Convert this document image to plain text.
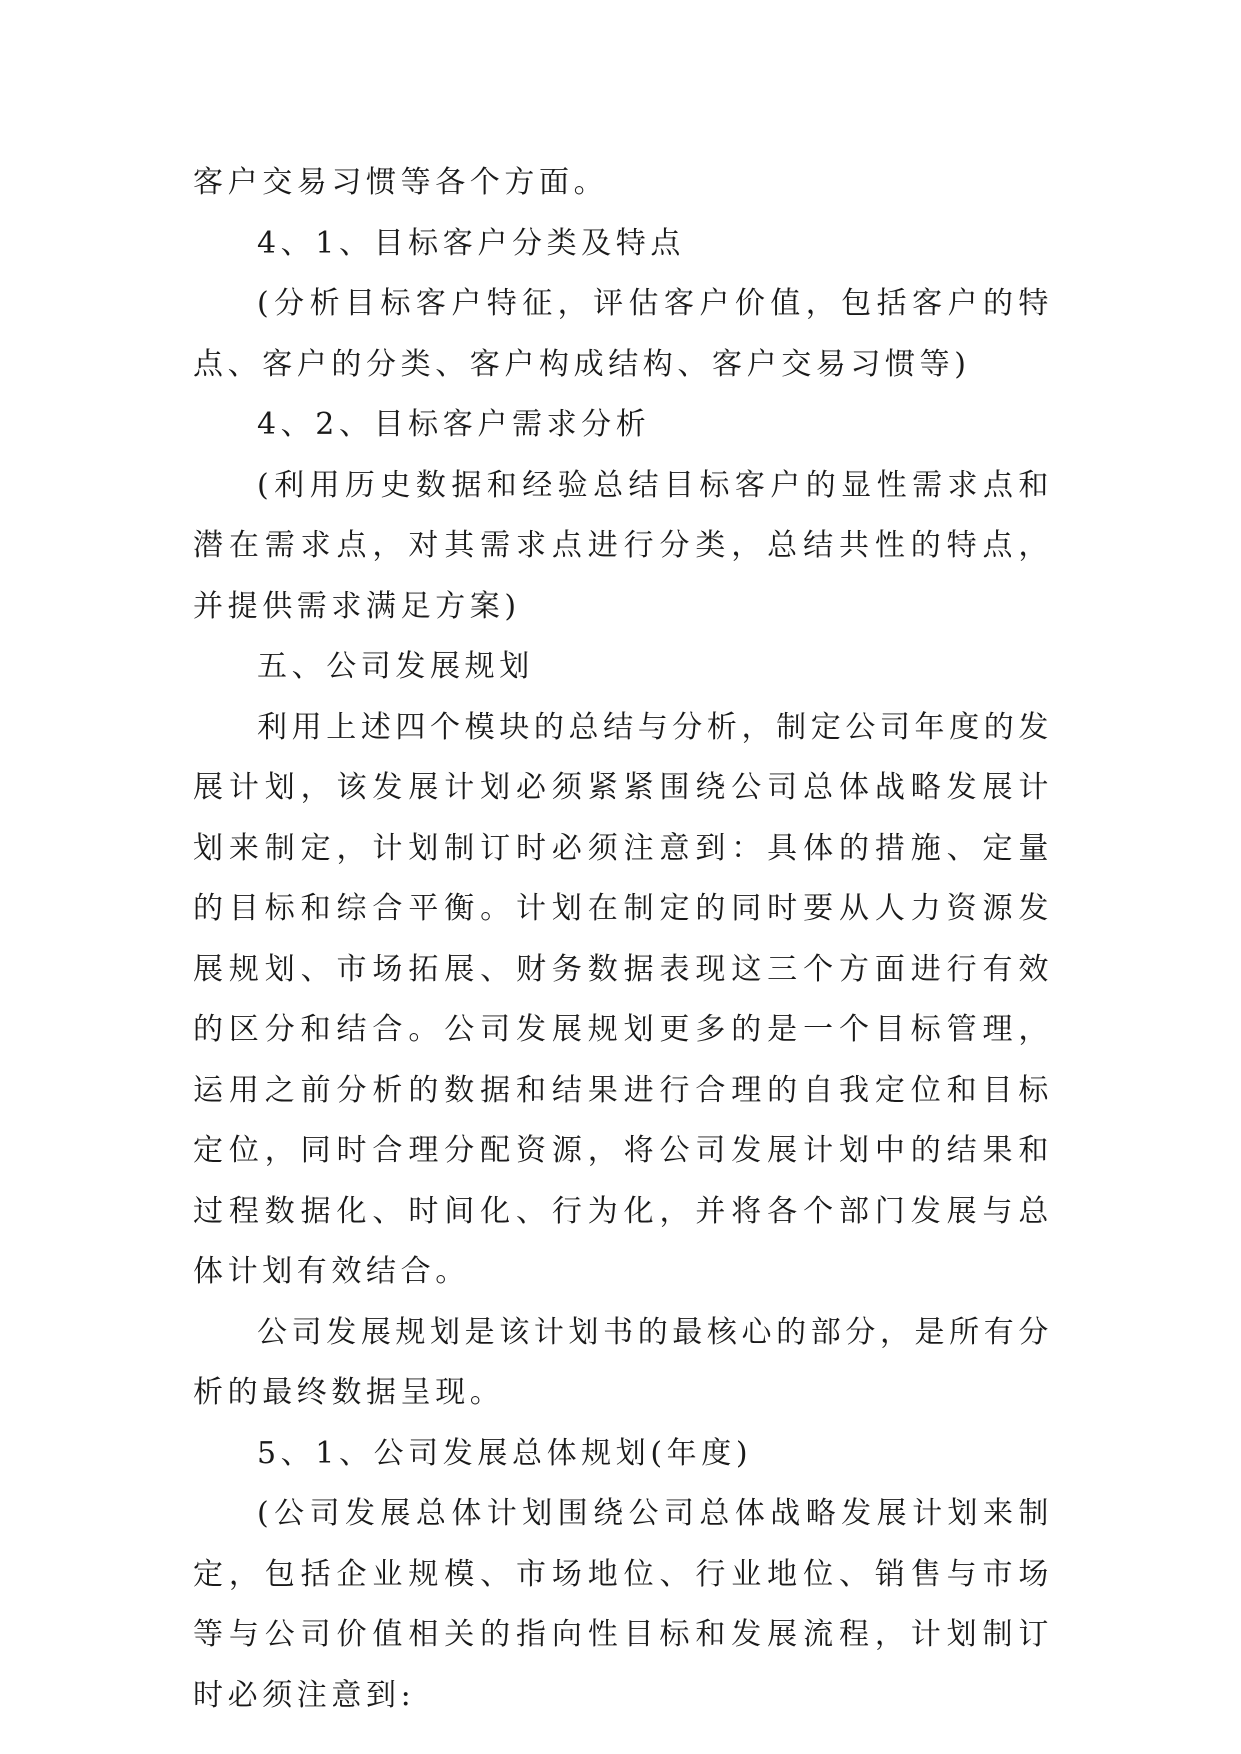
客户交易习惯等各个方面。

4、1、目标客户分类及特点

(分析目标客户特征，评估客户价值，包括客户的特点、客户的分类、客户构成结构、客户交易习惯等)

4、2、目标客户需求分析

(利用历史数据和经验总结目标客户的显性需求点和潜在需求点，对其需求点进行分类，总结共性的特点，并提供需求满足方案)

五、公司发展规划

利用上述四个模块的总结与分析，制定公司年度的发展计划，该发展计划必须紧紧围绕公司总体战略发展计划来制定，计划制订时必须注意到：具体的措施、定量的目标和综合平衡。计划在制定的同时要从人力资源发展规划、市场拓展、财务数据表现这三个方面进行有效的区分和结合。公司发展规划更多的是一个目标管理，运用之前分析的数据和结果进行合理的自我定位和目标定位，同时合理分配资源，将公司发展计划中的结果和过程数据化、时间化、行为化，并将各个部门发展与总体计划有效结合。

公司发展规划是该计划书的最核心的部分，是所有分析的最终数据呈现。

5、1、公司发展总体规划(年度)

(公司发展总体计划围绕公司总体战略发展计划来制定，包括企业规模、市场地位、行业地位、销售与市场等与公司价值相关的指向性目标和发展流程，计划制订时必须注意到:
